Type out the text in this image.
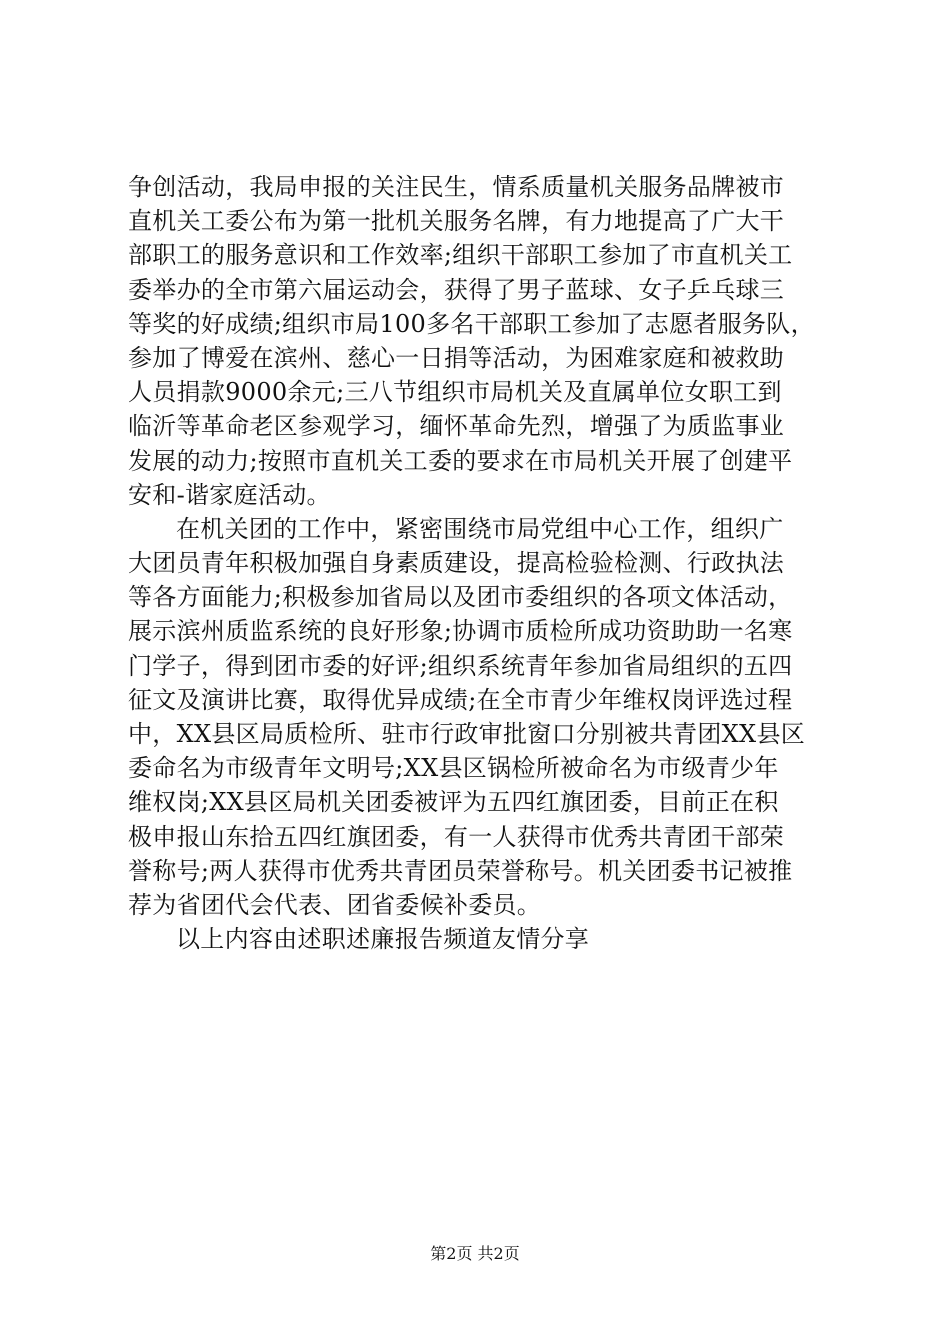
争创活动，我局申报的关注民生，情系质量机关服务品牌被市
直机关工委公布为第一批机关服务名牌，有力地提高了广大干
部职工的服务意识和工作效率;组织干部职工参加了市直机关工
委举办的全市第六届运动会，获得了男子蓝球、女子乒乓球三
等奖的好成绩;组织市局100多名干部职工参加了志愿者服务队，
参加了博爱在滨州、慈心一日捐等活动，为困难家庭和被救助
人员捐款9000余元;三八节组织市局机关及直属单位女职工到
临沂等革命老区参观学习，缅怀革命先烈，增强了为质监事业
发展的动力;按照市直机关工委的要求在市局机关开展了创建平
安和-谐家庭活动。
在机关团的工作中，紧密围绕市局党组中心工作，组织广
大团员青年积极加强自身素质建设，提高检验检测、行政执法
等各方面能力;积极参加省局以及团市委组织的各项文体活动，
展示滨州质监系统的良好形象;协调市质检所成功资助助一名寒
门学子，得到团市委的好评;组织系统青年参加省局组织的五四
征文及演讲比赛，取得优异成绩;在全市青少年维权岗评选过程
中，XX县区局质检所、驻市行政审批窗口分别被共青团XX县区
委命名为市级青年文明号;XX县区锅检所被命名为市级青少年
维权岗;XX县区局机关团委被评为五四红旗团委，目前正在积
极申报山东拾五四红旗团委，有一人获得市优秀共青团干部荣
誉称号;两人获得市优秀共青团员荣誉称号。机关团委书记被推
荐为省团代会代表、团省委候补委员。
以上内容由述职述廉报告频道友情分享
第2页 共2页
